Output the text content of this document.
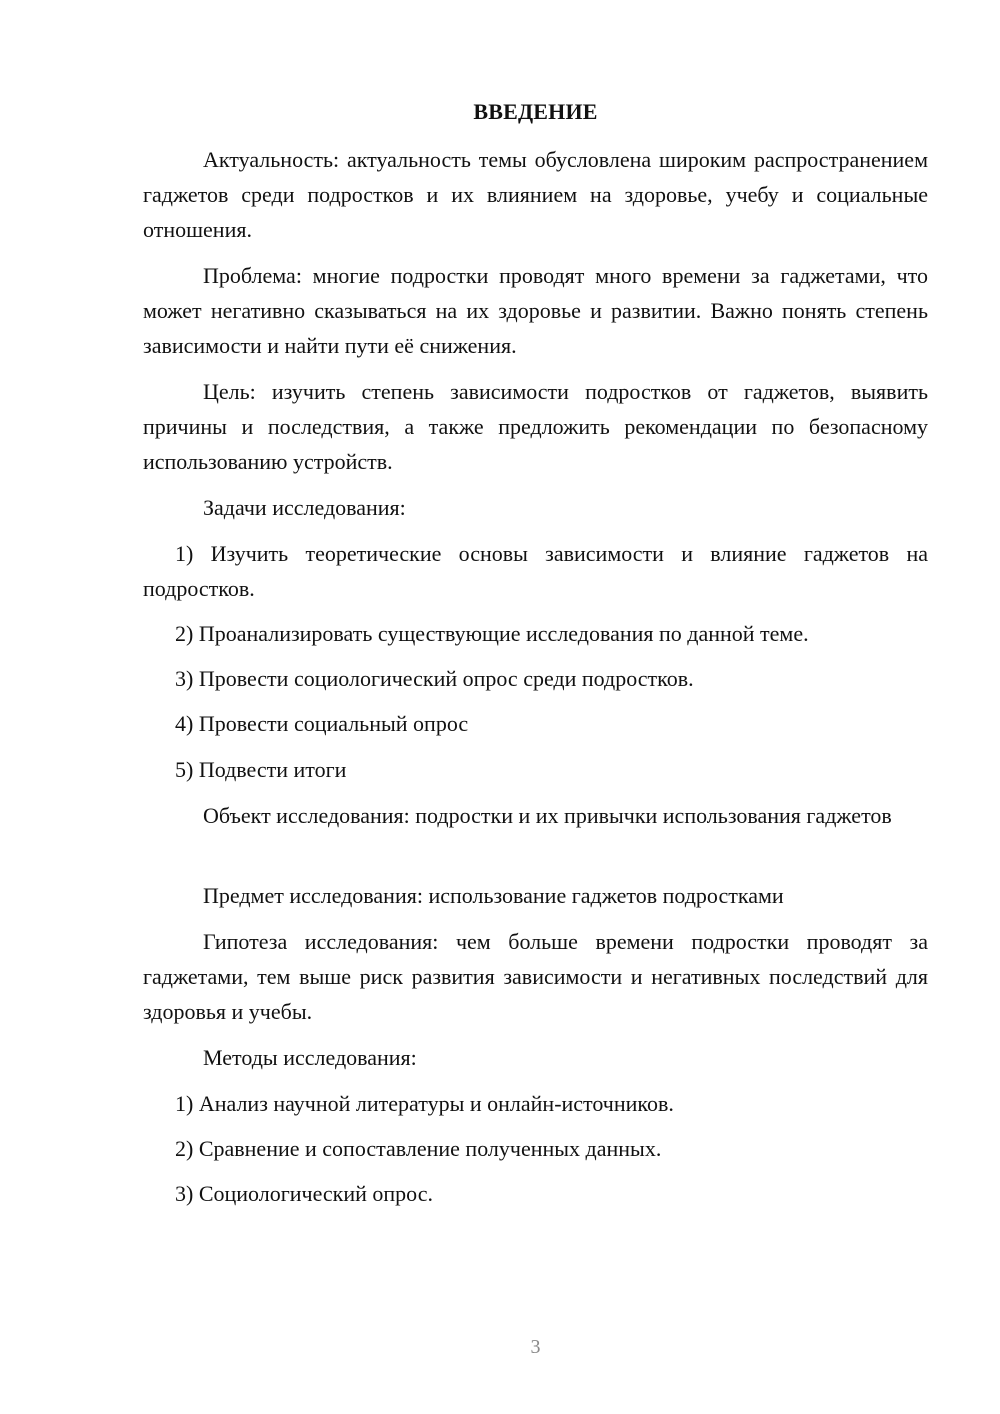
ВВЕДЕНИЕ

Актуальность: актуальность темы обусловлена широким распространением гаджетов среди подростков и их влиянием на здоровье, учебу и социальные отношения.

Проблема: многие подростки проводят много времени за гаджетами, что может негативно сказываться на их здоровье и развитии. Важно понять степень зависимости и найти пути её снижения.

Цель: изучить степень зависимости подростков от гаджетов, выявить причины и последствия, а также предложить рекомендации по безопасному использованию устройств.

Задачи исследования:

1) Изучить теоретические основы зависимости и влияние гаджетов на подростков.

2) Проанализировать существующие исследования по данной теме.

3) Провести социологический опрос среди подростков.

4) Провести социальный опрос

5) Подвести итоги

Объект исследования: подростки и их привычки использования гаджетов

Предмет исследования: использование гаджетов подростками

Гипотеза исследования: чем больше времени подростки проводят за гаджетами, тем выше риск развития зависимости и негативных последствий для здоровья и учебы.

Методы исследования:

1) Анализ научной литературы и онлайн-источников.

2) Сравнение и сопоставление полученных данных.

3) Социологический опрос.

3
